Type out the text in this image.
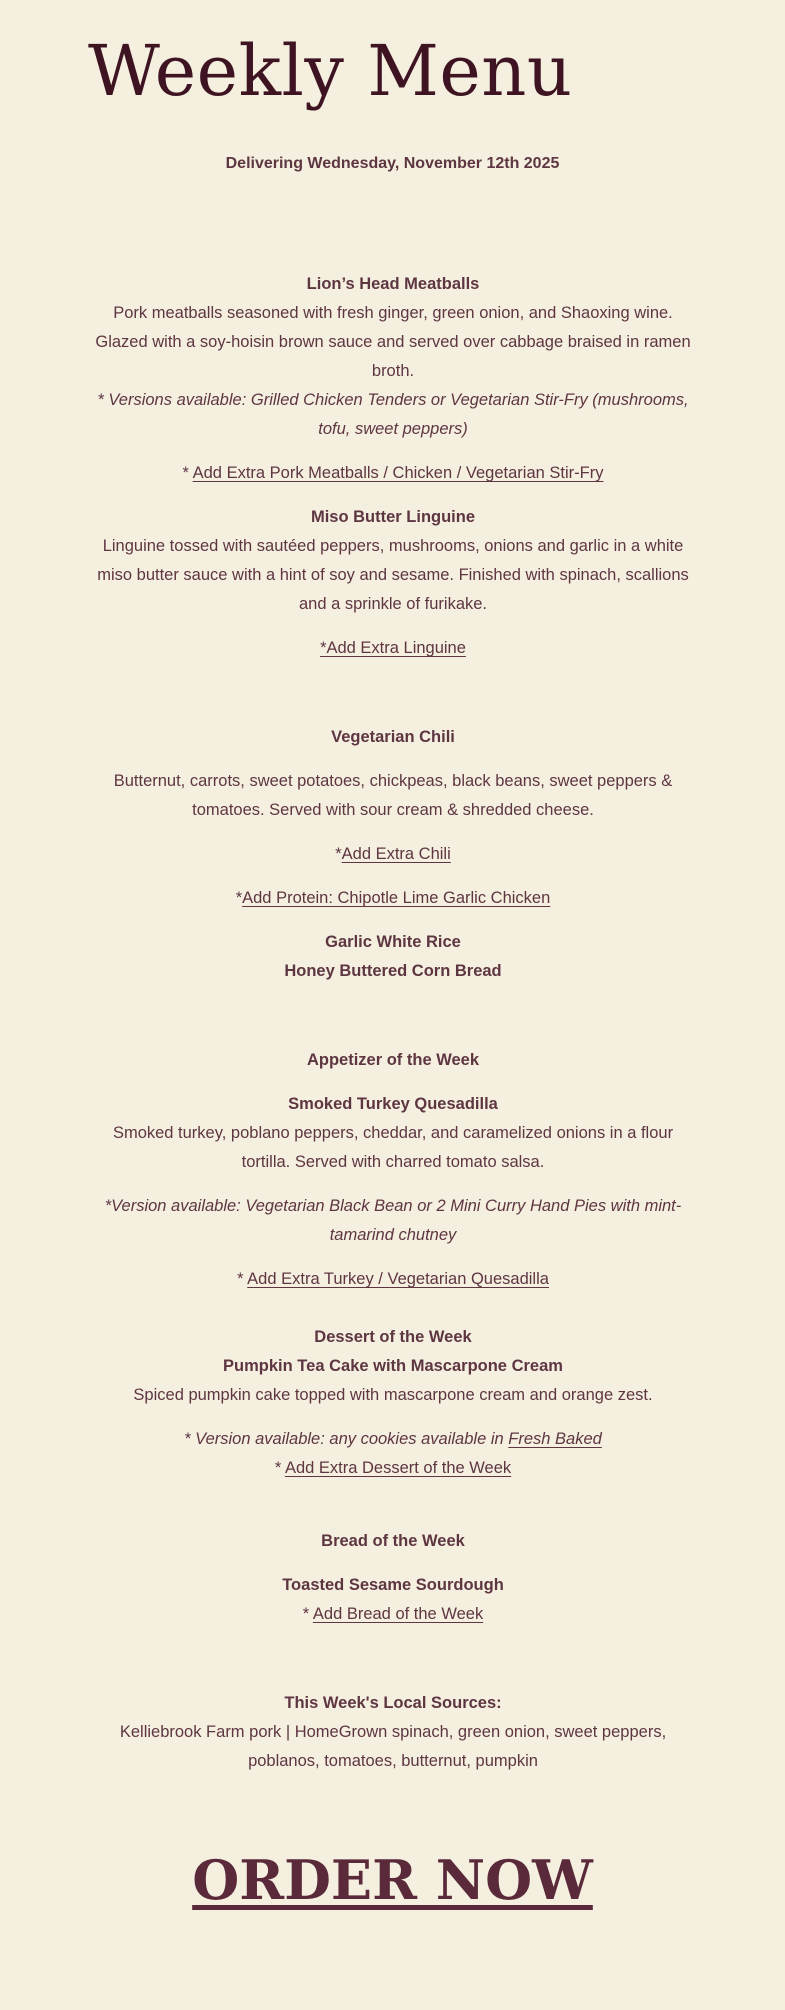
Weekly Menu
Delivering Wednesday, November 12th 2025

Lion’s Head Meatballs

Pork meatballs seasoned with fresh ginger, green onion, and Shaoxing wine. Glazed with a soy-hoisin brown sauce and served over cabbage braised in ramen broth.

* Versions available: Grilled Chicken Tenders or Vegetarian Stir-Fry (mushrooms, tofu, sweet peppers)

* Add Extra Pork Meatballs / Chicken / Vegetarian Stir-Fry

Miso Butter Linguine

Linguine tossed with sautéed peppers, mushrooms, onions and garlic in a white miso butter sauce with a hint of soy and sesame. Finished with spinach, scallions and a sprinkle of furikake.

*Add Extra Linguine

Vegetarian Chili

Butternut, carrots, sweet potatoes, chickpeas, black beans, sweet peppers & tomatoes. Served with sour cream & shredded cheese.

*Add Extra Chili

*Add Protein: Chipotle Lime Garlic Chicken

Garlic White Rice

Honey Buttered Corn Bread

Appetizer of the Week

Smoked Turkey Quesadilla

Smoked turkey, poblano peppers, cheddar, and caramelized onions in a flour tortilla. Served with charred tomato salsa.

*Version available: Vegetarian Black Bean or 2 Mini Curry Hand Pies with mint-tamarind chutney

* Add Extra Turkey / Vegetarian Quesadilla

Dessert of the Week

Pumpkin Tea Cake with Mascarpone Cream

Spiced pumpkin cake topped with mascarpone cream and orange zest.

* Version available: any cookies available in Fresh Baked

* Add Extra Dessert of the Week

Bread of the Week

Toasted Sesame Sourdough

* Add Bread of the Week

This Week's Local Sources:

Kelliebrook Farm pork | HomeGrown spinach, green onion, sweet peppers, poblanos, tomatoes, butternut, pumpkin

ORDER NOW
